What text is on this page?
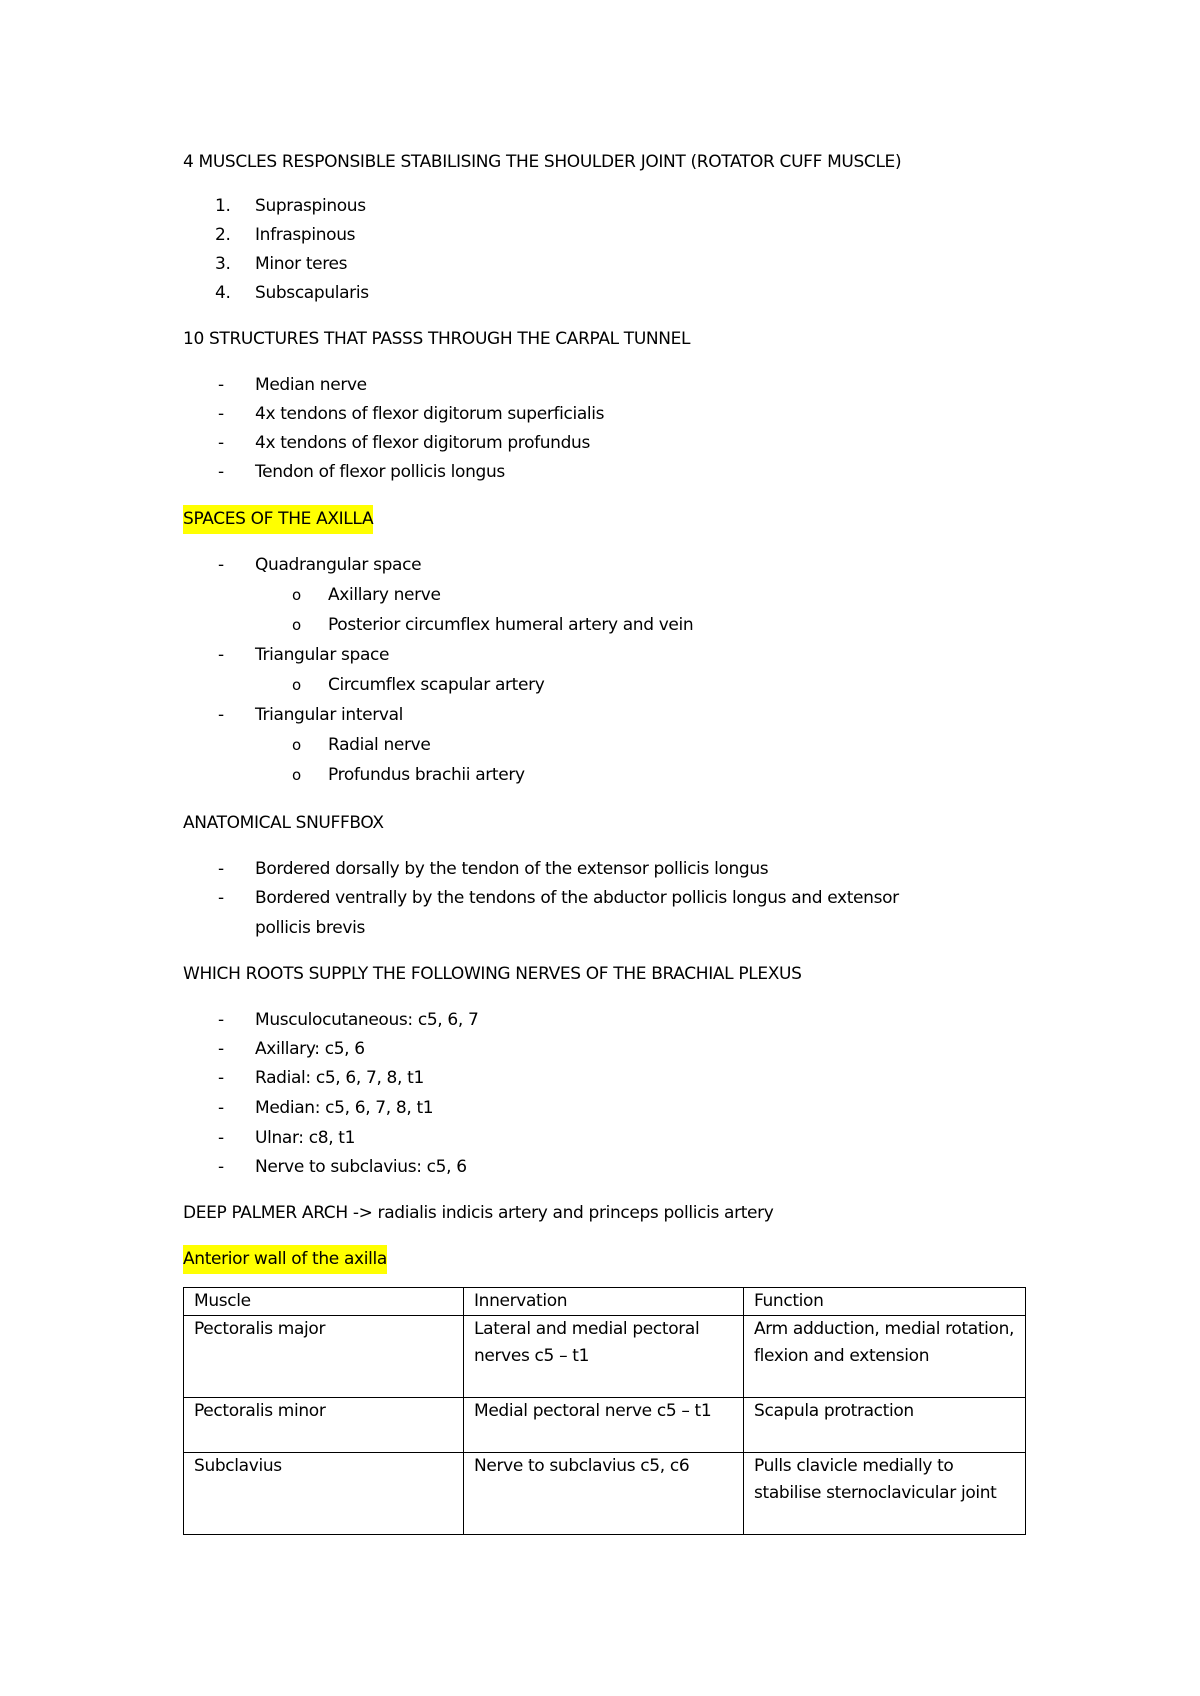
4 MUSCLES RESPONSIBLE STABILISING THE SHOULDER JOINT (ROTATOR CUFF MUSCLE)
1. Supraspinous
2. Infraspinous
3. Minor teres
4. Subscapularis
10 STRUCTURES THAT PASSS THROUGH THE CARPAL TUNNEL
- Median nerve
- 4x tendons of flexor digitorum superficialis
- 4x tendons of flexor digitorum profundus
- Tendon of flexor pollicis longus
SPACES OF THE AXILLA
- Quadrangular space
o Axillary nerve
o Posterior circumflex humeral artery and vein
- Triangular space
o Circumflex scapular artery
- Triangular interval
o Radial nerve
o Profundus brachii artery
ANATOMICAL SNUFFBOX
- Bordered dorsally by the tendon of the extensor pollicis longus
- Bordered ventrally by the tendons of the abductor pollicis longus and extensor
pollicis brevis
WHICH ROOTS SUPPLY THE FOLLOWING NERVES OF THE BRACHIAL PLEXUS
- Musculocutaneous: c5, 6, 7
- Axillary: c5, 6
- Radial: c5, 6, 7, 8, t1
- Median: c5, 6, 7, 8, t1
- Ulnar: c8, t1
- Nerve to subclavius: c5, 6
DEEP PALMER ARCH -> radialis indicis artery and princeps pollicis artery
Anterior wall of the axilla
Muscle	Innervation	Function
Pectoralis major	Lateral and medial pectoral nerves c5 – t1	Arm adduction, medial rotation, flexion and extension
Pectoralis minor	Medial pectoral nerve c5 – t1	Scapula protraction
Subclavius	Nerve to subclavius c5, c6	Pulls clavicle medially to stabilise sternoclavicular joint
